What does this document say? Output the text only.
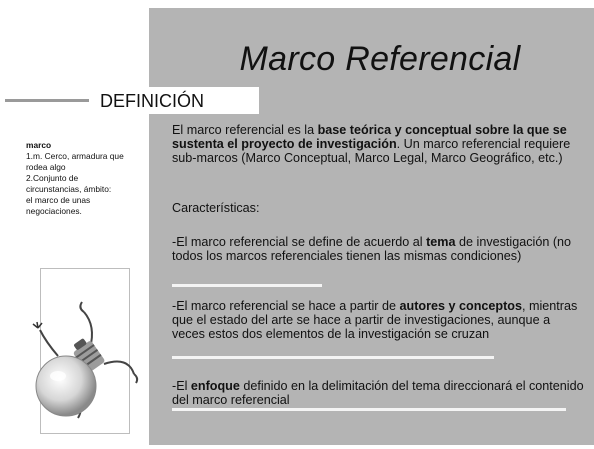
Marco Referencial
DEFINICIÓN
marco
1.m. Cerco, armadura que
rodea algo
2.Conjunto de
circunstancias, ámbito:
el marco de unas
negociaciones.
El marco referencial es la base teórica y conceptual sobre la que se sustenta el proyecto de investigación. Un marco referencial requiere sub-marcos (Marco Conceptual, Marco Legal, Marco Geográfico, etc.)
Características:
-El marco referencial se define de acuerdo al tema de investigación (no todos los marcos referenciales tienen las mismas condiciones)
-El marco referencial se hace a partir de autores y conceptos, mientras que el estado del arte se hace a partir de investigaciones, aunque a veces estos dos elementos de la investigación se cruzan
-El enfoque definido en la delimitación del tema direccionará el contenido del marco referencial
